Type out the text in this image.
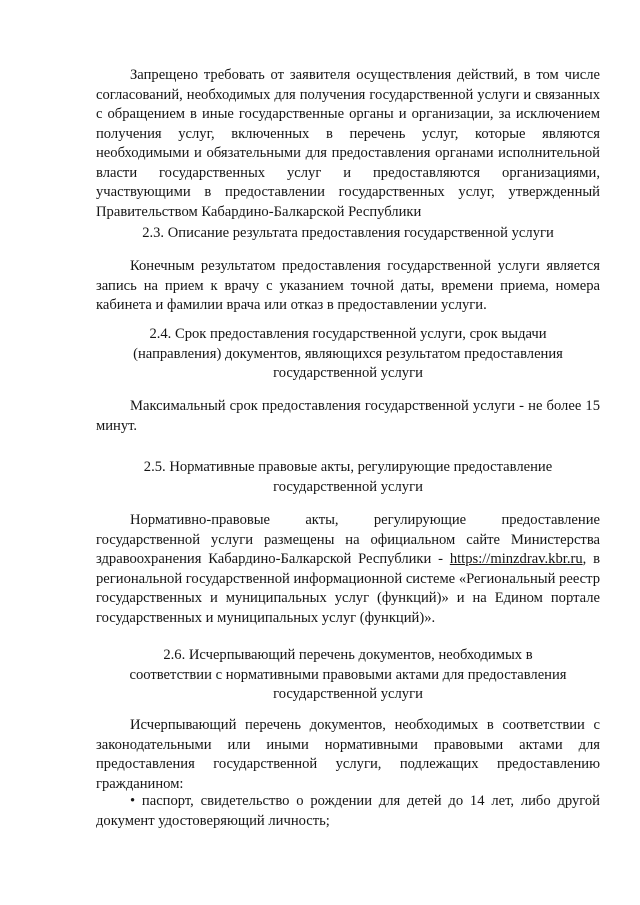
Запрещено требовать от заявителя осуществления действий, в том числе согласований, необходимых для получения государственной услуги и связанных с обращением в иные государственные органы и организации, за исключением получения услуг, включенных в перечень услуг, которые являются необходимыми и обязательными для предоставления органами исполнительной власти государственных услуг и предоставляются организациями, участвующими в предоставлении государственных услуг, утвержденный Правительством Кабардино-Балкарской Республики

2.3. Описание результата предоставления государственной услуги

Конечным результатом предоставления государственной услуги является запись на прием к врачу с указанием точной даты, времени приема, номера кабинета и фамилии врача или отказ в предоставлении услуги.

2.4. Срок предоставления государственной услуги, срок выдачи
(направления) документов, являющихся результатом предоставления
государственной услуги

Максимальный срок предоставления государственной услуги - не более 15 минут.

2.5. Нормативные правовые акты, регулирующие предоставление
государственной услуги

Нормативно-правовые акты, регулирующие предоставление государственной услуги размещены на официальном сайте Министерства здравоохранения Кабардино-Балкарской Республики - https://minzdrav.kbr.ru, в региональной государственной информационной системе «Региональный реестр государственных и муниципальных услуг (функций)» и на Едином портале государственных и муниципальных услуг (функций)».

2.6. Исчерпывающий перечень документов, необходимых в
соответствии с нормативными правовыми актами для предоставления
государственной услуги

Исчерпывающий перечень документов, необходимых в соответствии с законодательными или иными нормативными правовыми актами для предоставления государственной услуги, подлежащих предоставлению гражданином:

• паспорт, свидетельство о рождении для детей до 14 лет, либо другой документ удостоверяющий личность;
